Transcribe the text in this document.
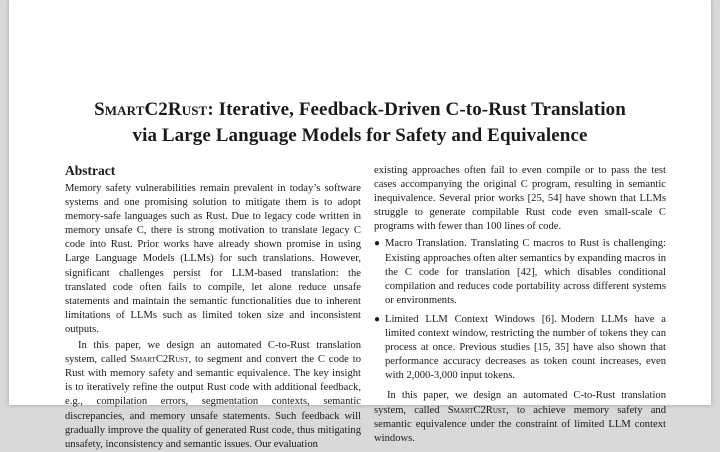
SmartC2Rust: Iterative, Feedback-Driven C-to-Rust Translation
via Large Language Models for Safety and Equivalence
Abstract

Memory safety vulnerabilities remain prevalent in today’s software systems and one promising solution to mitigate them is to adopt memory-safe languages such as Rust. Due to legacy code written in memory unsafe C, there is strong motivation to translate legacy C code into Rust. Prior works have already shown promise in using Large Language Models (LLMs) for such translations. However, significant challenges persist for LLM-based translation: the translated code often fails to compile, let alone reduce unsafe statements and maintain the semantic functionalities due to inherent limitations of LLMs such as limited token size and inconsistent outputs.

In this paper, we design an automated C-to-Rust translation system, called SmartC2Rust, to segment and convert the C code to Rust with memory safety and semantic equivalence. The key insight is to iteratively refine the output Rust code with additional feedback, e.g., compilation errors, segmentation contexts, semantic discrepancies, and memory unsafe statements. Such feedback will gradually improve the quality of generated Rust code, thus mitigating unsafety, inconsistency and semantic issues. Our evaluation

existing approaches often fail to even compile or to pass the test cases accompanying the original C program, resulting in semantic inequivalence. Several prior works [25, 54] have shown that LLMs struggle to generate compilable Rust code even small-scale C programs with fewer than 100 lines of code.

● Macro Translation. Translating C macros to Rust is challenging: Existing approaches often alter semantics by expanding macros in the C code for translation [42], which disables conditional compilation and reduces code portability across different systems or environments.
● Limited LLM Context Windows [6]. Modern LLMs have a limited context window, restricting the number of tokens they can process at once. Previous studies [15, 35] have also shown that performance accuracy decreases as token count increases, even with 2,000-3,000 input tokens.

In this paper, we design an automated C-to-Rust translation system, called SmartC2Rust, to achieve memory safety and semantic equivalence under the constraint of limited LLM context windows.
